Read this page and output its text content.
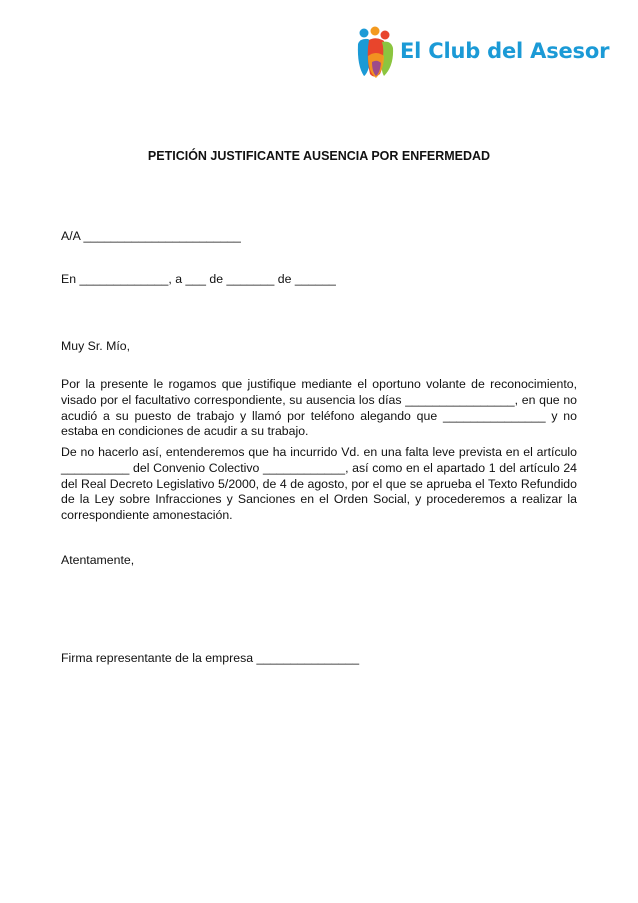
El Club del Asesor
PETICIÓN JUSTIFICANTE AUSENCIA POR ENFERMEDAD
A/A _______________________
En _____________, a ___ de _______ de ______
Muy Sr. Mío,

Por la presente le rogamos que justifique mediante el oportuno volante de reconocimiento, visado por el facultativo correspondiente, su ausencia los días ________________, en que no acudió a su puesto de trabajo y llamó por teléfono alegando que _______________ y no estaba en condiciones de acudir a su trabajo.

De no hacerlo así, entenderemos que ha incurrido Vd. en una falta leve prevista en el artículo __________ del Convenio Colectivo ____________, así como en el apartado 1 del artículo 24 del Real Decreto Legislativo 5/2000, de 4 de agosto, por el que se aprueba el Texto Refundido de la Ley sobre Infracciones y Sanciones en el Orden Social, y procederemos a realizar la correspondiente amonestación.

Atentamente,
Firma representante de la empresa _______________
